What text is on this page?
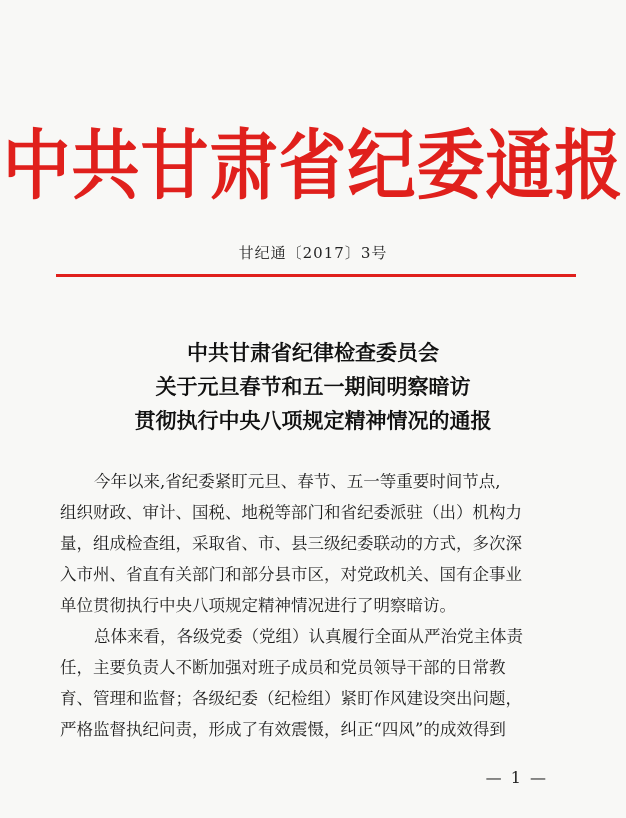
中共甘肃省纪委通报
甘纪通〔2017〕3号
中共甘肃省纪律检查委员会
关于元旦春节和五一期间明察暗访
贯彻执行中央八项规定精神情况的通报
今年以来,省纪委紧盯元旦、春节、五一等重要时间节点,
组织财政、审计、国税、地税等部门和省纪委派驻（出）机构力
量，组成检查组，采取省、市、县三级纪委联动的方式，多次深
入市州、省直有关部门和部分县市区，对党政机关、国有企事业
单位贯彻执行中央八项规定精神情况进行了明察暗访。
总体来看，各级党委（党组）认真履行全面从严治党主体责
任，主要负责人不断加强对班子成员和党员领导干部的日常教
育、管理和监督；各级纪委（纪检组）紧盯作风建设突出问题，
严格监督执纪问责，形成了有效震慑，纠正“四风”的成效得到
— 1 —
